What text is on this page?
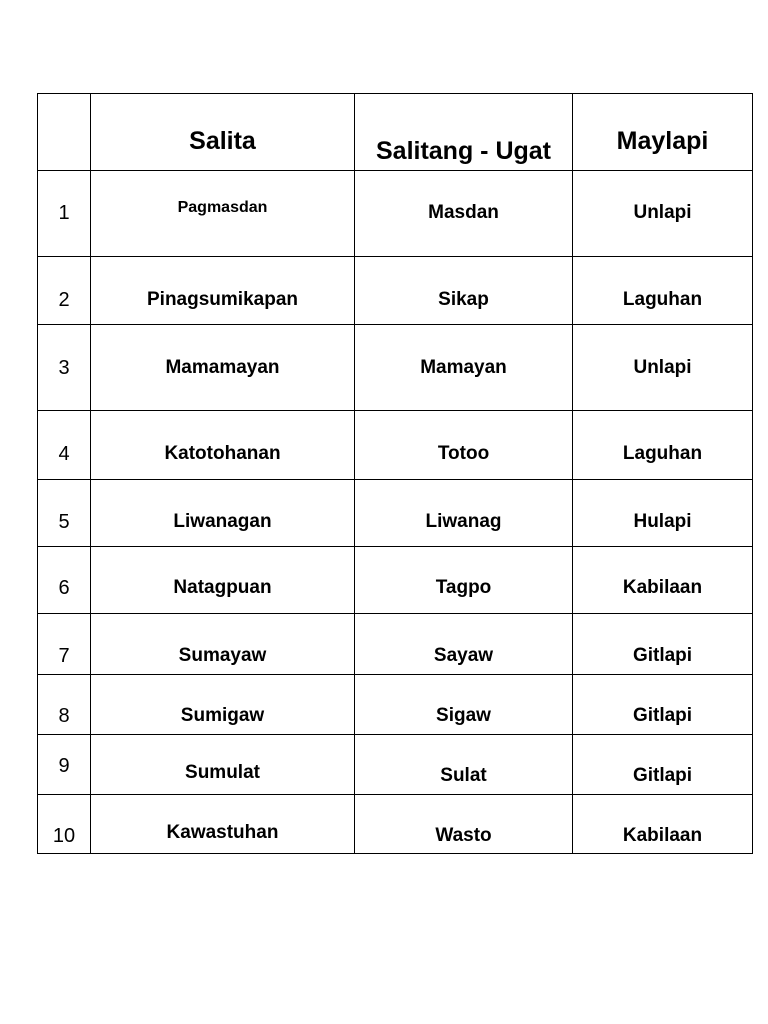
	Salita	Salitang - Ugat	Maylapi

1	Pagmasdan	Masdan	Unlapi

2	Pinagsumikapan	Sikap	Laguhan

3	Mamamayan	Mamayan	Unlapi

4	Katotohanan	Totoo	Laguhan

5	Liwanagan	Liwanag	Hulapi

6	Natagpuan	Tagpo	Kabilaan

7	Sumayaw	Sayaw	Gitlapi

8	Sumigaw	Sigaw	Gitlapi

9	Sumulat	Sulat	Gitlapi

10	Kawastuhan	Wasto	Kabilaan
